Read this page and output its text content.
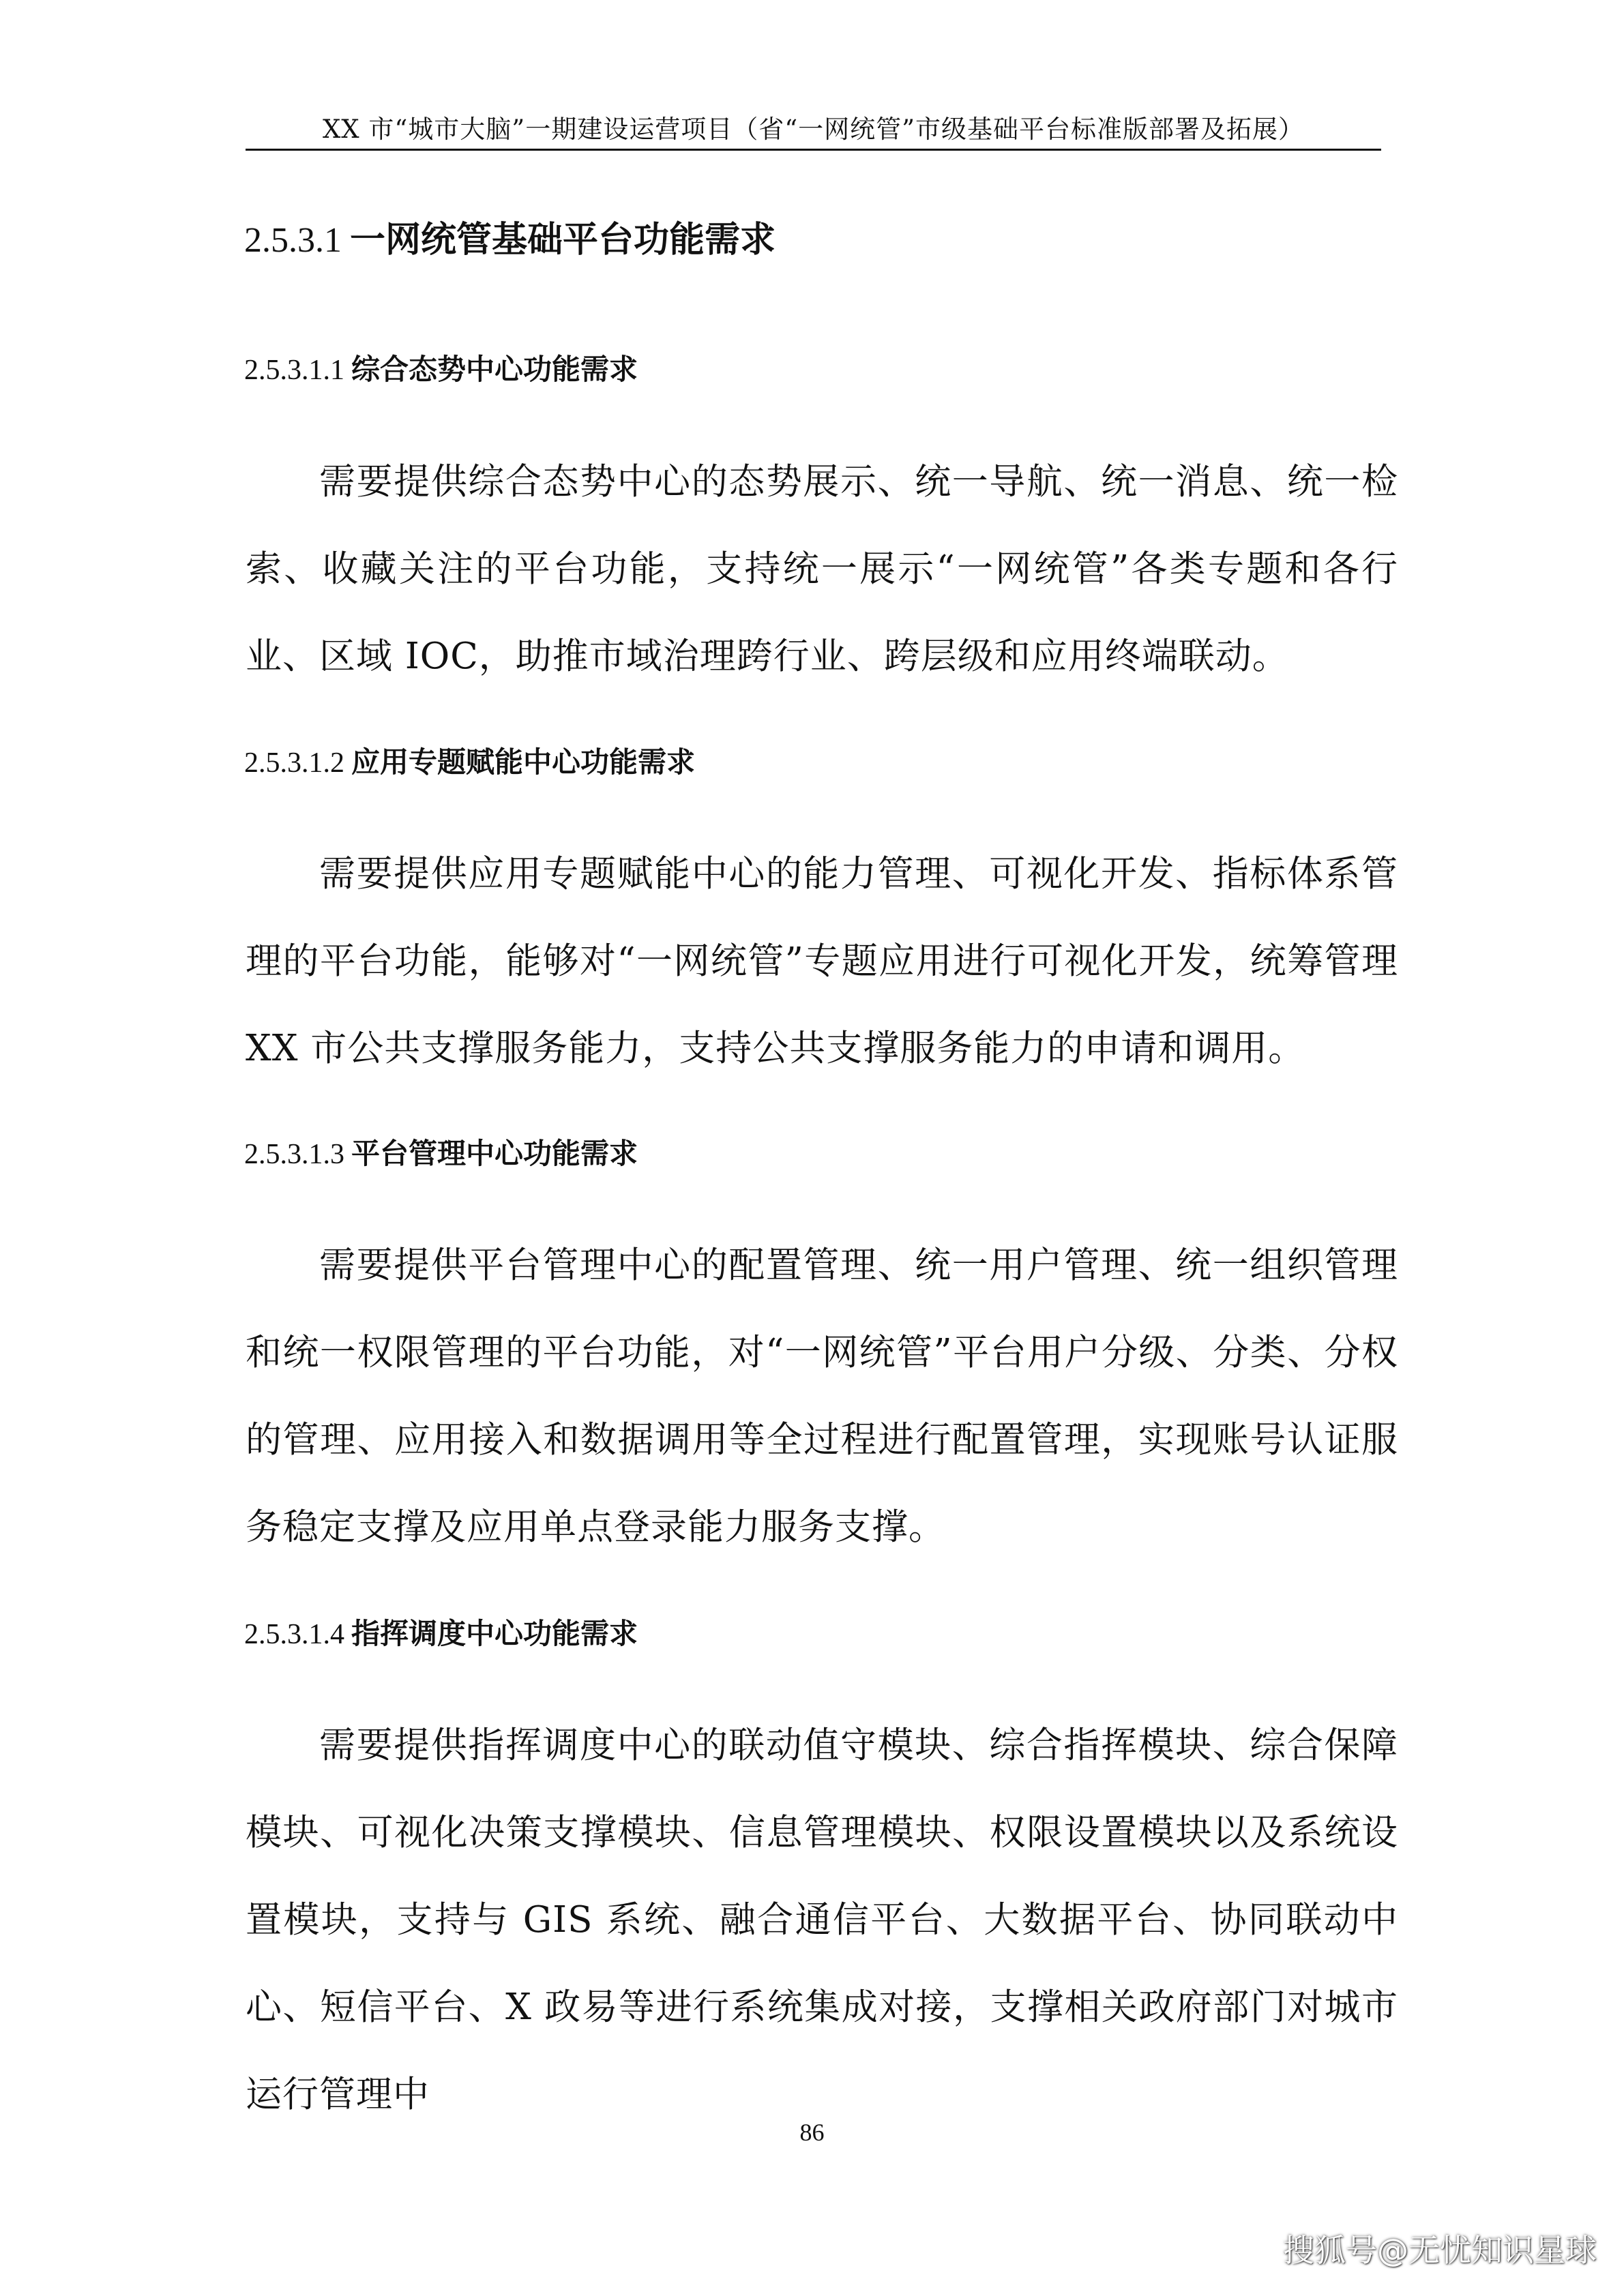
XX 市“城市大脑”一期建设运营项目（省“一网统管”市级基础平台标准版部署及拓展）
2.5.3.1 一网统管基础平台功能需求
2.5.3.1.1 综合态势中心功能需求

需要提供综合态势中心的态势展示、统一导航、统一消息、统一检索、收藏关注的平台功能，支持统一展示“一网统管”各类专题和各行业、区域 IOC，助推市域治理跨行业、跨层级和应用终端联动。

2.5.3.1.2 应用专题赋能中心功能需求

需要提供应用专题赋能中心的能力管理、可视化开发、指标体系管理的平台功能，能够对“一网统管”专题应用进行可视化开发，统筹管理 XX 市公共支撑服务能力，支持公共支撑服务能力的申请和调用。

2.5.3.1.3 平台管理中心功能需求

需要提供平台管理中心的配置管理、统一用户管理、统一组织管理和统一权限管理的平台功能，对“一网统管”平台用户分级、分类、分权的管理、应用接入和数据调用等全过程进行配置管理，实现账号认证服务稳定支撑及应用单点登录能力服务支撑。

2.5.3.1.4 指挥调度中心功能需求

需要提供指挥调度中心的联动值守模块、综合指挥模块、综合保障模块、可视化决策支撑模块、信息管理模块、权限设置模块以及系统设置模块，支持与 GIS 系统、融合通信平台、大数据平台、协同联动中心、短信平台、X 政易等进行系统集成对接，支撑相关政府部门对城市运行管理中

86
搜狐号@无忧知识星球
